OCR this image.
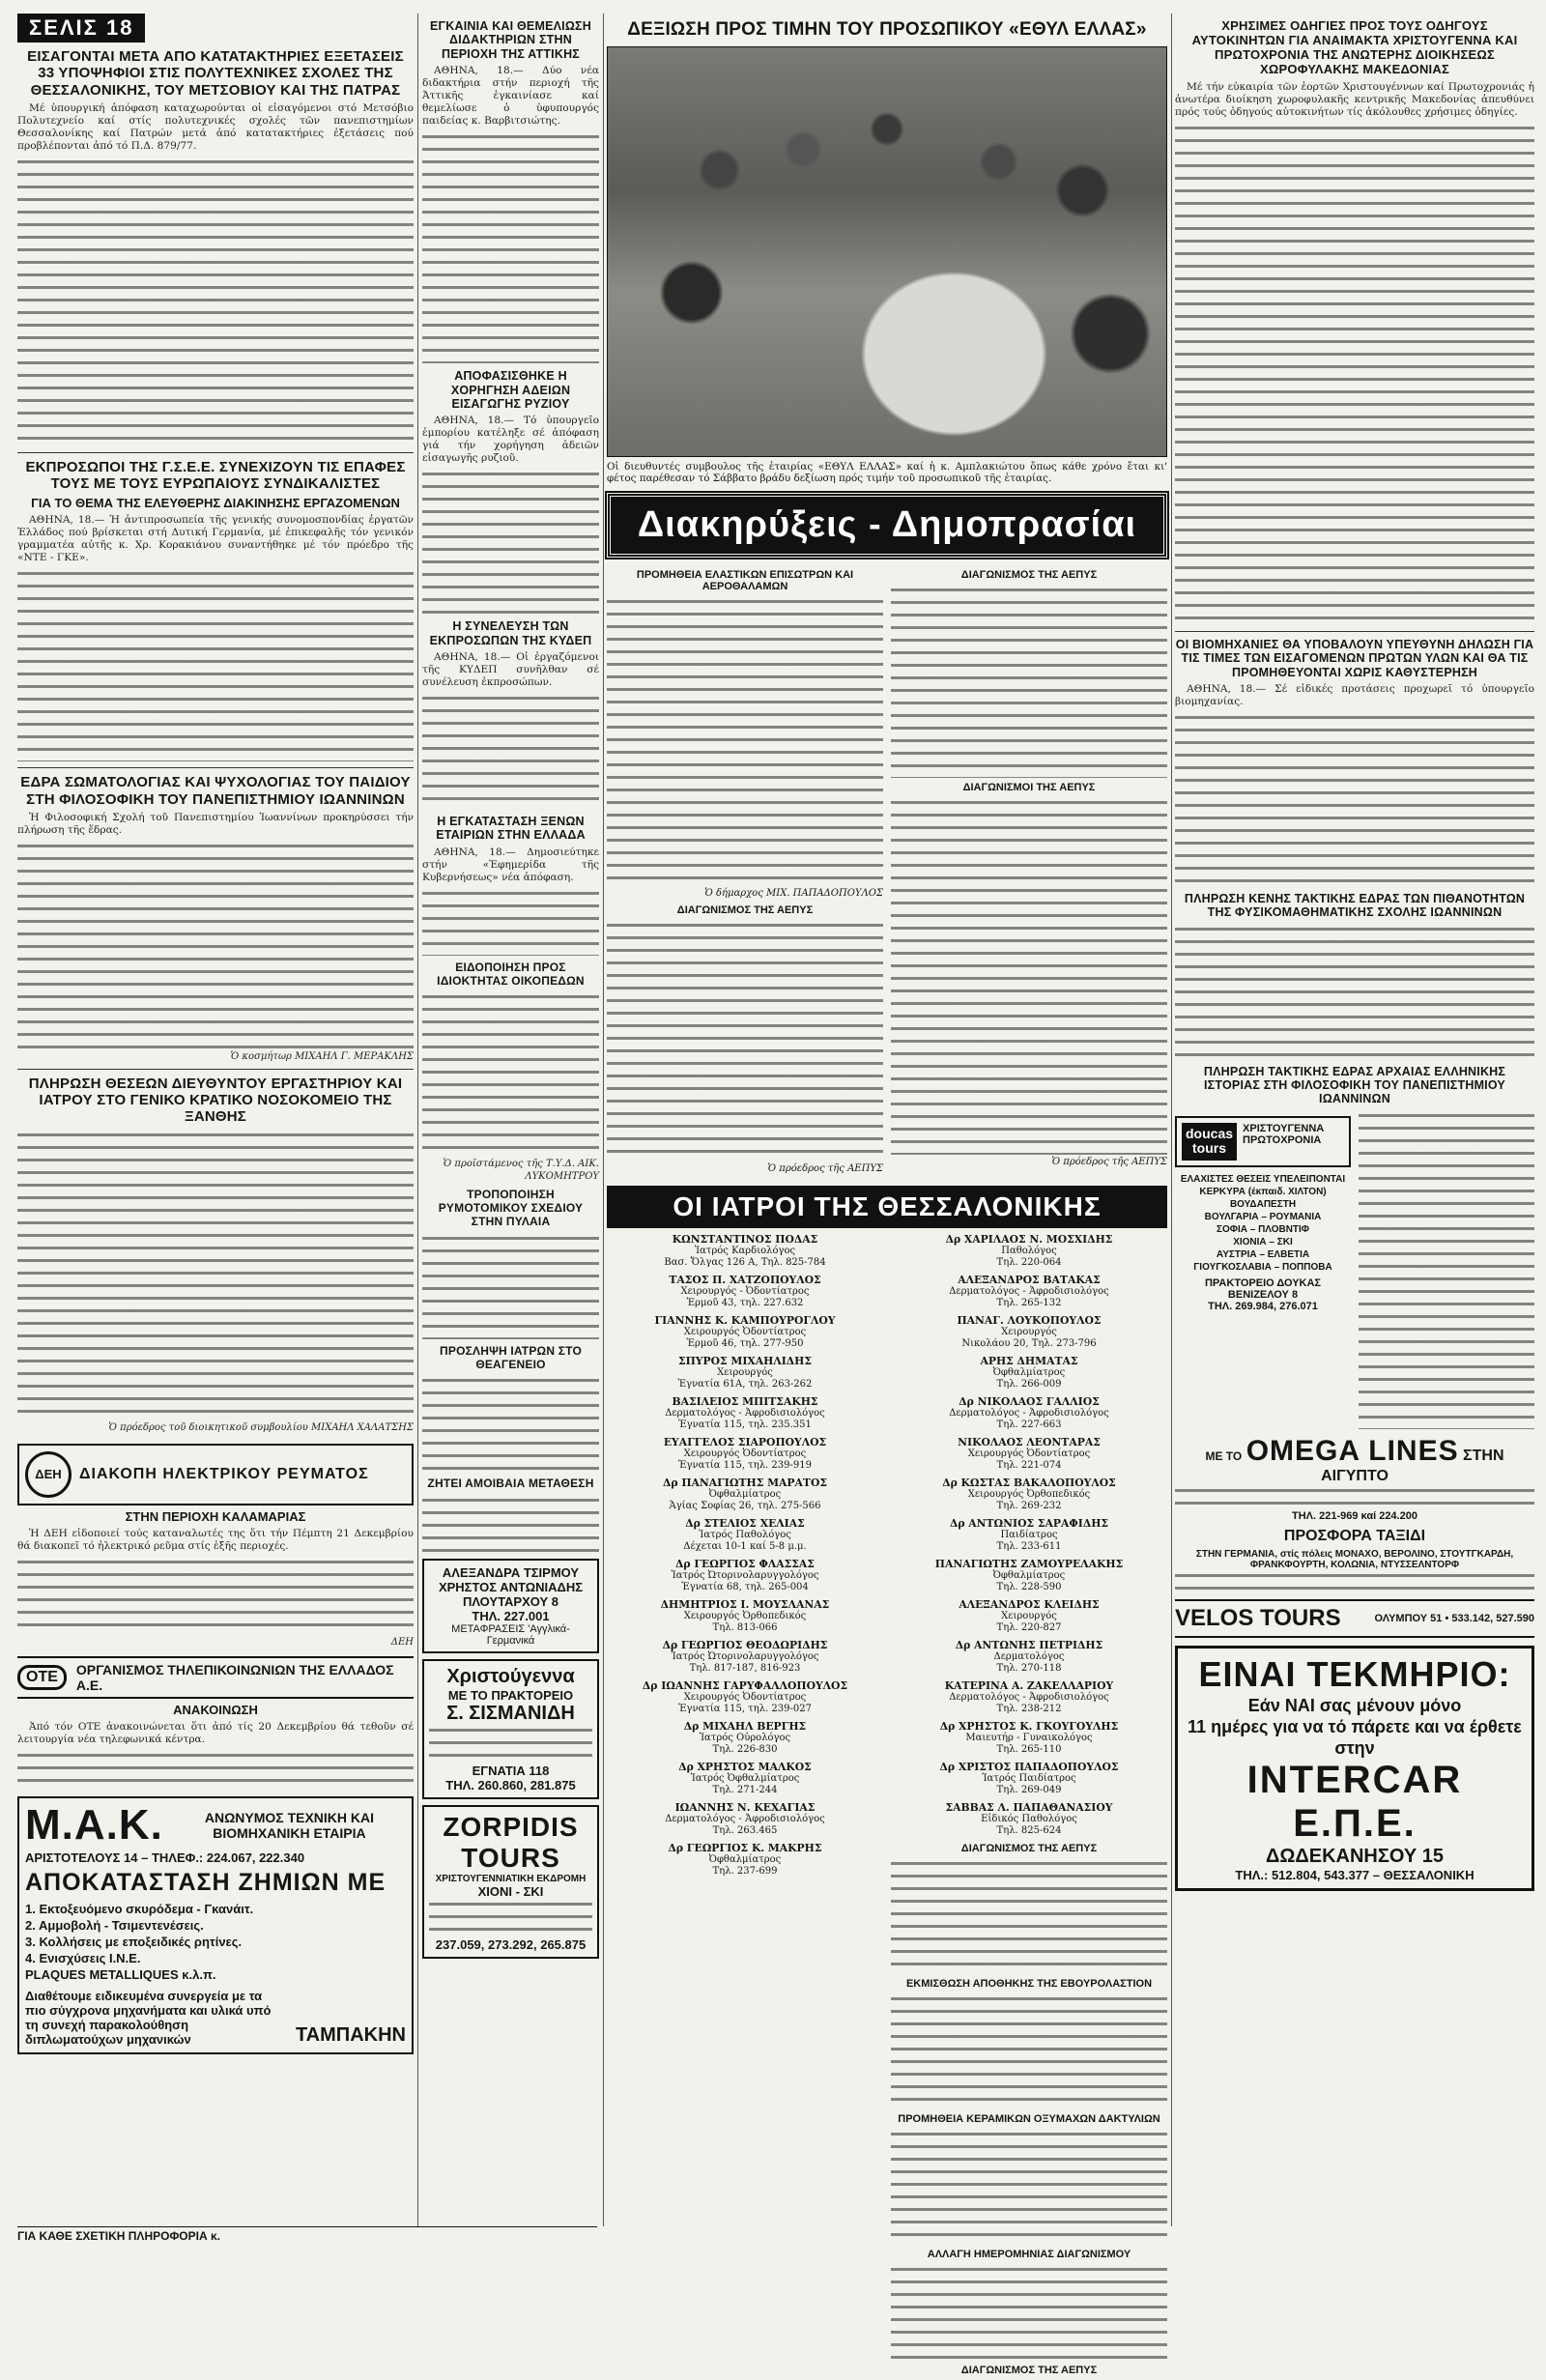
ΣΕΛΙΣ 18
ΕΙΣΑΓΟΝΤΑΙ ΜΕΤΑ ΑΠΟ ΚΑΤΑΤΑΚΤΗΡΙΕΣ ΕΞΕΤΑΣΕΙΣ 33 ΥΠΟΨΗΦΙΟΙ ΣΤΙΣ ΠΟΛΥΤΕΧΝΙΚΕΣ ΣΧΟΛΕΣ ΤΗΣ ΘΕΣΣΑΛΟΝΙΚΗΣ, ΤΟΥ ΜΕΤΣΟΒΙΟΥ ΚΑΙ ΤΗΣ ΠΑΤΡΑΣ

Μέ ὑπουργική ἀπόφαση καταχωρούνται οἱ εἰσαγόμενοι στό Μετσόβιο Πολυτεχνείο καί στίς πολυτεχνικές σχολές τῶν πανεπιστημίων Θεσσαλονίκης καί Πατρών μετά ἀπό κατατακτήριες ἐξετάσεις πού προβλέπονται ἀπό τό Π.Δ. 879/77.

ΕΚΠΡΟΣΩΠΟΙ ΤΗΣ Γ.Σ.Ε.Ε. ΣΥΝΕΧΙΖΟΥΝ ΤΙΣ ΕΠΑΦΕΣ ΤΟΥΣ ΜΕ ΤΟΥΣ ΕΥΡΩΠΑΙΟΥΣ ΣΥΝΔΙΚΑΛΙΣΤΕΣ
ΓΙΑ ΤΟ ΘΕΜΑ ΤΗΣ ΕΛΕΥΘΕΡΗΣ ΔΙΑΚΙΝΗΣΗΣ ΕΡΓΑΖΟΜΕΝΩΝ

ΑΘΗΝΑ, 18.— Ἡ ἀντιπροσωπεία τῆς γενικής συνομοσπονδίας ἐργατῶν Ἑλλάδος πού βρίσκεται στή Δυτική Γερμανία, μέ ἐπικεφαλῆς τόν γενικόν γραμματέα αὐτῆς κ. Χρ. Κορακιάνου συναντήθηκε μέ τόν πρόεδρο τῆς «ΝΤΕ - ΓΚΕ».

ΕΔΡΑ ΣΩΜΑΤΟΛΟΓΙΑΣ ΚΑΙ ΨΥΧΟΛΟΓΙΑΣ ΤΟΥ ΠΑΙΔΙΟΥ ΣΤΗ ΦΙΛΟΣΟΦΙΚΗ ΤΟΥ ΠΑΝΕΠΙΣΤΗΜΙΟΥ ΙΩΑΝΝΙΝΩΝ

Ἡ Φιλοσοφική Σχολή τοῦ Πανεπιστημίου Ἰωαννίνων προκηρύσσει τήν πλήρωση τῆς ἕδρας.

Ὁ κοσμήτωρ ΜΙΧΑΗΛ Γ. ΜΕΡΑΚΛΗΣ
ΠΛΗΡΩΣΗ ΘΕΣΕΩΝ ΔΙΕΥΘΥΝΤΟΥ ΕΡΓΑΣΤΗΡΙΟΥ ΚΑΙ ΙΑΤΡΟΥ ΣΤΟ ΓΕΝΙΚΟ ΚΡΑΤΙΚΟ ΝΟΣΟΚΟΜΕΙΟ ΤΗΣ ΞΑΝΘΗΣ
Ὁ πρόεδρος τοῦ διοικητικοῦ συμβουλίου ΜΙΧΑΗΛ ΧΑΛΑΤΣΗΣ
ΔΕΗ	ΔΙΑΚΟΠΗ ΗΛΕΚΤΡΙΚΟΥ ΡΕΥΜΑΤΟΣ
ΣΤΗΝ ΠΕΡΙΟΧΗ ΚΑΛΑΜΑΡΙΑΣ

Ἡ ΔΕΗ εἰδοποιεί τούς καταναλωτές της ὅτι τήν Πέμπτη 21 Δεκεμβρίου θά διακοπεῖ τό ἠλεκτρικό ρεῦμα στίς ἑξῆς περιοχές.

ΔΕΗ
ΟΤΕ	ΟΡΓΑΝΙΣΜΟΣ ΤΗΛΕΠΙΚΟΙΝΩΝΙΩΝ ΤΗΣ ΕΛΛΑΔΟΣ Α.Ε.
ΑΝΑΚΟΙΝΩΣΗ

Ἀπό τόν ΟΤΕ ἀνακοινώνεται ὅτι ἀπό τίς 20 Δεκεμβρίου θά τεθοῦν σέ λειτουργία νέα τηλεφωνικά κέντρα.

Μ.Α.Κ.	ΑΝΩΝΥΜΟΣ ΤΕΧΝΙΚΗ ΚΑΙ ΒΙΟΜΗΧΑΝΙΚΗ ΕΤΑΙΡΙΑ
ΑΡΙΣΤΟΤΕΛΟΥΣ 14 – ΤΗΛΕΦ.: 224.067, 222.340
ΑΠΟΚΑΤΑΣΤΑΣΗ ΖΗΜΙΩΝ ΜΕ
1. Εκτοξευόμενο σκυρόδεμα - Γκανάιτ.
2. Αμμοβολή - Τσιμεντενέσεις.
3. Κολλήσεις με εποξειδικές ρητίνες.
4. Ενισχύσεις Ι.Ν.Ε.
PLAQUES METALLIQUES κ.λ.π.
Διαθέτουμε ειδικευμένα συνεργεία με τα πιο σύγχρονα μηχανήματα και υλικά υπό τη συνεχή παρακολούθηση διπλωματούχων μηχανικών	ΤΑΜΠΑΚΗΝ
ΕΓΚΑΙΝΙΑ ΚΑΙ ΘΕΜΕΛΙΩΣΗ ΔΙΔΑΚΤΗΡΙΩΝ ΣΤΗΝ ΠΕΡΙΟΧΗ ΤΗΣ ΑΤΤΙΚΗΣ

ΑΘΗΝΑ, 18.— Δύο νέα διδακτήρια στήν περιοχή τῆς Ἀττικῆς ἐγκαινίασε καί θεμελίωσε ὁ ὑφυπουργός παιδείας κ. Βαρβιτσιώτης.

ΑΠΟΦΑΣΙΣΘΗΚΕ Η ΧΟΡΗΓΗΣΗ ΑΔΕΙΩΝ ΕΙΣΑΓΩΓΗΣ ΡΥΖΙΟΥ

ΑΘΗΝΑ, 18.— Τό ὑπουργεῖο ἐμπορίου κατέληξε σέ ἀπόφαση γιά τήν χορήγηση ἀδειῶν εἰσαγωγῆς ρυζιοῦ.

Η ΣΥΝΕΛΕΥΣΗ ΤΩΝ ΕΚΠΡΟΣΩΠΩΝ ΤΗΣ ΚΥΔΕΠ

ΑΘΗΝΑ, 18.— Οἱ ἐργαζόμενοι τῆς ΚΥΔΕΠ συνῆλθαν σέ συνέλευση ἐκπροσώπων.

Η ΕΓΚΑΤΑΣΤΑΣΗ ΞΕΝΩΝ ΕΤΑΙΡΙΩΝ ΣΤΗΝ ΕΛΛΑΔΑ

ΑΘΗΝΑ, 18.— Δημοσιεύτηκε στήν «Ἐφημερίδα τῆς Κυβερνήσεως» νέα ἀπόφαση.

ΕΙΔΟΠΟΙΗΣΗ ΠΡΟΣ ΙΔΙΟΚΤΗΤΑΣ ΟΙΚΟΠΕΔΩΝ
Ὁ προϊστάμενος τῆς Τ.Υ.Δ. ΑΙΚ. ΛΥΚΟΜΗΤΡΟΥ
ΤΡΟΠΟΠΟΙΗΣΗ ΡΥΜΟΤΟΜΙΚΟΥ ΣΧΕΔΙΟΥ ΣΤΗΝ ΠΥΛΑΙΑ
ΠΡΟΣΛΗΨΗ ΙΑΤΡΩΝ ΣΤΟ ΘΕΑΓΕΝΕΙΟ
ΖΗΤΕΙ ΑΜΟΙΒΑΙΑ ΜΕΤΑΘΕΣΗ
ΑΛΕΞΑΝΔΡΑ ΤΣΙΡΜΟΥ
ΧΡΗΣΤΟΣ ΑΝΤΩΝΙΑΔΗΣ
ΠΛΟΥΤΑΡΧΟΥ 8
ΤΗΛ. 227.001
ΜΕΤΑΦΡΑΣΕΙΣ 'Αγγλικά-Γερμανικά
Χριστούγεννα
ΜΕ ΤΟ ΠΡΑΚΤΟΡΕΙΟ
Σ. ΣΙΣΜΑΝΙΔΗ
ΕΓΝΑΤΙΑ 118
ΤΗΛ. 260.860, 281.875
ZORPIDIS TOURS
ΧΡΙΣΤΟΥΓΕΝΝΙΑΤΙΚΗ ΕΚΔΡΟΜΗ
ΧΙΟΝΙ - ΣΚΙ
237.059, 273.292, 265.875
ΔΕΞΙΩΣΗ ΠΡΟΣ ΤΙΜΗΝ ΤΟΥ ΠΡΟΣΩΠΙΚΟΥ «ΕΘΥΛ ΕΛΛΑΣ»
Οἱ διευθυντές συμβουλος τῆς ἑταιρίας «ΕΘΥΛ ΕΛΛΑΣ» καί ἡ κ. Αμπλακιώτου ὅπως κάθε χρόνο ἔται κι' φέτος παρέθεσαν τό Σάββατο βράδυ δεξίωση πρός τιμήν τοῦ προσωπικοῦ τῆς ἑταιρίας.
Διακηρύξεις - Δημοπρασίαι
ΠΡΟΜΗΘΕΙΑ ΕΛΑΣΤΙΚΩΝ ΕΠΙΣΩΤΡΩΝ ΚΑΙ ΑΕΡΟΘΑΛΑΜΩΝ
Ὁ δήμαρχος ΜΙΧ. ΠΑΠΑΔΟΠΟΥΛΟΣ
ΔΙΑΓΩΝΙΣΜΟΣ ΤΗΣ ΑΕΠΥΣ
Ὁ πρόεδρος τῆς ΑΕΠΥΣ
ΔΙΑΓΩΝΙΣΜΟΣ ΤΗΣ ΑΕΠΥΣ
ΔΙΑΓΩΝΙΣΜΟΙ ΤΗΣ ΑΕΠΥΣ
Ὁ πρόεδρος τῆς ΑΕΠΥΣ
ΟΙ ΙΑΤΡΟΙ ΤΗΣ ΘΕΣΣΑΛΟΝΙΚΗΣ
ΚΩΝΣΤΑΝΤΙΝΟΣ ΠΟΔΑΣ
Ἰατρός Καρδιολόγος
Βασ. Ὄλγας 126 Α, Τηλ. 825-784
ΤΑΣΟΣ Π. ΧΑΤΖΟΠΟΥΛΟΣ
Χειρουργός - Ὀδοντίατρος
Ἐρμοῦ 43, τηλ. 227.632
ΓΙΑΝΝΗΣ Κ. ΚΑΜΠΟΥΡΟΓΛΟΥ
Χειρουργός Ὀδοντίατρος
Ἐρμοῦ 46, τηλ. 277-950
ΣΠΥΡΟΣ ΜΙΧΑΗΛΙΔΗΣ
Χειρουργός
Ἐγνατία 61Α, τηλ. 263-262
ΒΑΣΙΛΕΙΟΣ ΜΠΙΤΣΑΚΗΣ
Δερματολόγος - Ἀφροδισιολόγος
Ἐγνατία 115, τηλ. 235.351
ΕΥΑΓΓΕΛΟΣ ΣΙΑΡΟΠΟΥΛΟΣ
Χειρουργός Ὀδοντίατρος
Ἐγνατία 115, τηλ. 239-919
Δρ ΠΑΝΑΓΙΩΤΗΣ ΜΑΡΑΤΟΣ
Ὀφθαλμίατρος
Ἁγίας Σοφίας 26, τηλ. 275-566
Δρ ΣΤΕΛΙΟΣ ΧΕΛΙΑΣ
Ἰατρός Παθολόγος
Δέχεται 10-1 καί 5-8 μ.μ.
Δρ ΓΕΩΡΓΙΟΣ ΦΛΑΣΣΑΣ
Ἰατρός Ὠτορινολαρυγγολόγος
Ἐγνατία 68, τηλ. 265-004
ΔΗΜΗΤΡΙΟΣ Ι. ΜΟΥΣΛΑΝΑΣ
Χειρουργός Ὀρθοπεδικός
Τηλ. 813-066
Δρ ΓΕΩΡΓΙΟΣ ΘΕΟΔΩΡΙΔΗΣ
Ἰατρός Ὠτορινολαρυγγολόγος
Τηλ. 817-187, 816-923
Δρ ΙΩΑΝΝΗΣ ΓΑΡΥΦΑΛΛΟΠΟΥΛΟΣ
Χειρουργός Ὀδοντίατρος
Ἐγνατία 115, τηλ. 239-027
Δρ ΜΙΧΑΗΛ ΒΕΡΓΗΣ
Ἰατρός Οὐρολόγος
Τηλ. 226-830
Δρ ΧΡΗΣΤΟΣ ΜΑΛΚΟΣ
Ἰατρός Ὀφθαλμίατρος
Τηλ. 271-244
ΙΩΑΝΝΗΣ Ν. ΚΕΧΑΓΙΑΣ
Δερματολόγος - Ἀφροδισιολόγος
Τηλ. 263.465
Δρ ΓΕΩΡΓΙΟΣ Κ. ΜΑΚΡΗΣ
Ὀφθαλμίατρος
Τηλ. 237-699
Δρ ΧΑΡΙΛΑΟΣ Ν. ΜΟΣΧΙΔΗΣ
Παθολόγος
Τηλ. 220-064
ΑΛΕΞΑΝΔΡΟΣ ΒΑΤΑΚΑΣ
Δερματολόγος - Ἀφροδισιολόγος
Τηλ. 265-132
ΠΑΝΑΓ. ΛΟΥΚΟΠΟΥΛΟΣ
Χειρουργός
Νικολάου 20, Τηλ. 273-796
ΑΡΗΣ ΔΗΜΑΤΑΣ
Ὀφθαλμίατρος
Τηλ. 266-009
Δρ ΝΙΚΟΛΑΟΣ ΓΑΛΛΙΟΣ
Δερματολόγος - Ἀφροδισιολόγος
Τηλ. 227-663
ΝΙΚΟΛΑΟΣ ΛΕΟΝΤΑΡΑΣ
Χειρουργός Ὀδοντίατρος
Τηλ. 221-074
Δρ ΚΩΣΤΑΣ ΒΑΚΑΛΟΠΟΥΛΟΣ
Χειρουργός Ὀρθοπεδικός
Τηλ. 269-232
Δρ ΑΝΤΩΝΙΟΣ ΣΑΡΑΦΙΔΗΣ
Παιδίατρος
Τηλ. 233-611
ΠΑΝΑΓΙΩΤΗΣ ΖΑΜΟΥΡΕΛΑΚΗΣ
Ὀφθαλμίατρος
Τηλ. 228-590
ΑΛΕΞΑΝΔΡΟΣ ΚΛΕΙΔΗΣ
Χειρουργός
Τηλ. 220-827
Δρ ΑΝΤΩΝΗΣ ΠΕΤΡΙΔΗΣ
Δερματολόγος
Τηλ. 270-118
ΚΑΤΕΡΙΝΑ Α. ΖΑΚΕΛΛΑΡΙΟΥ
Δερματολόγος - Ἀφροδισιολόγος
Τηλ. 238-212
Δρ ΧΡΗΣΤΟΣ Κ. ΓΚΟΥΓΟΥΛΗΣ
Μαιευτήρ - Γυναικολόγος
Τηλ. 265-110
Δρ ΧΡΙΣΤΟΣ ΠΑΠΑΔΟΠΟΥΛΟΣ
Ἰατρός Παιδίατρος
Τηλ. 269-049
ΣΑΒΒΑΣ Λ. ΠΑΠΑΘΑΝΑΣΙΟΥ
Εἰδικός Παθολόγος
Τηλ. 825-624
ΔΙΑΓΩΝΙΣΜΟΣ ΤΗΣ ΑΕΠΥΣ
ΕΚΜΙΣΘΩΣΗ ΑΠΟΘΗΚΗΣ ΤΗΣ ΕΒΟΥΡΟΛΑΣΤΙΟΝ
ΠΡΟΜΗΘΕΙΑ ΚΕΡΑΜΙΚΩΝ ΟΞΥΜΑΧΩΝ ΔΑΚΤΥΛΙΩΝ
ΑΛΛΑΓΗ ΗΜΕΡΟΜΗΝΙΑΣ ΔΙΑΓΩΝΙΣΜΟΥ
ΔΙΑΓΩΝΙΣΜΟΣ ΤΗΣ ΑΕΠΥΣ
ΧΡΗΣΙΜΕΣ ΟΔΗΓΙΕΣ ΠΡΟΣ ΤΟΥΣ ΟΔΗΓΟΥΣ ΑΥΤΟΚΙΝΗΤΩΝ ΓΙΑ ΑΝΑΙΜΑΚΤΑ ΧΡΙΣΤΟΥΓΕΝΝΑ ΚΑΙ ΠΡΩΤΟΧΡΟΝΙΑ ΤΗΣ ΑΝΩΤΕΡΗΣ ΔΙΟΙΚΗΣΕΩΣ ΧΩΡΟΦΥΛΑΚΗΣ ΜΑΚΕΔΟΝΙΑΣ

Μέ τήν εὐκαιρία τῶν ἑορτῶν Χριστουγέννων καί Πρωτοχρονιάς ἡ ἀνωτέρα διοίκηση χωροφυλακῆς κεντρικῆς Μακεδονίας ἀπευθύνει πρός τούς ὁδηγούς αὐτοκινήτων τίς ἀκόλουθες χρήσιμες ὁδηγίες.

ΟΙ ΒΙΟΜΗΧΑΝΙΕΣ ΘΑ ΥΠΟΒΑΛΟΥΝ ΥΠΕΥΘΥΝΗ ΔΗΛΩΣΗ ΓΙΑ ΤΙΣ ΤΙΜΕΣ ΤΩΝ ΕΙΣΑΓΟΜΕΝΩΝ ΠΡΩΤΩΝ ΥΛΩΝ ΚΑΙ ΘΑ ΤΙΣ ΠΡΟΜΗΘΕΥΟΝΤΑΙ ΧΩΡΙΣ ΚΑΘΥΣΤΕΡΗΣΗ

ΑΘΗΝΑ, 18.— Σέ εἰδικές προτάσεις προχωρεῖ τό ὑπουργεῖο βιομηχανίας.

ΠΛΗΡΩΣΗ ΚΕΝΗΣ ΤΑΚΤΙΚΗΣ ΕΔΡΑΣ ΤΩΝ ΠΙΘΑΝΟΤΗΤΩΝ ΤΗΣ ΦΥΣΙΚΟΜΑΘΗΜΑΤΙΚΗΣ ΣΧΟΛΗΣ ΙΩΑΝΝΙΝΩΝ
ΠΛΗΡΩΣΗ ΤΑΚΤΙΚΗΣ ΕΔΡΑΣ ΑΡΧΑΙΑΣ ΕΛΛΗΝΙΚΗΣ ΙΣΤΟΡΙΑΣ ΣΤΗ ΦΙΛΟΣΟΦΙΚΗ ΤΟΥ ΠΑΝΕΠΙΣΤΗΜΙΟΥ ΙΩΑΝΝΙΝΩΝ
doucas tours
ΧΡΙΣΤΟΥΓΕΝΝΑ ΠΡΩΤΟΧΡΟΝΙΑ
ΕΛΑΧΙΣΤΕΣ ΘΕΣΕΙΣ ΥΠΕΛΕΙΠΟΝΤΑΙ
ΚΕΡΚΥΡΑ (έκπαιδ. ΧΙΛΤΟΝ)
ΒΟΥΔΑΠΕΣΤΗ
ΒΟΥΛΓΑΡΙΑ – ΡΟΥΜΑΝΙΑ
ΣΟΦΙΑ – ΠΛΟΒΝΤΙΦ
ΧΙΟΝΙΑ – ΣΚΙ
ΑΥΣΤΡΙΑ – ΕΛΒΕΤΙΑ
ΓΙΟΥΓΚΟΣΛΑΒΙΑ – ΠΟΠΠΟΒΑ
ΠΡΑΚΤΟΡΕΙΟ ΔΟΥΚΑΣ ΒΕΝΙΖΕΛΟΥ 8
ΤΗΛ. 269.984, 276.071
ΜΕ ΤΟ OMEGA LINES ΣΤΗΝ ΑΙΓΥΠΤΟ
ΤΗΛ. 221-969 καί 224.200
ΠΡΟΣΦΟΡΑ ΤΑΞΙΔΙ
ΣΤΗΝ ΓΕΡΜΑΝΙΑ, στίς πόλεις ΜΟΝΑΧΟ, ΒΕΡΟΛΙΝΟ, ΣΤΟΥΤΓΚΑΡΔΗ, ΦΡΑΝΚΦΟΥΡΤΗ, ΚΟΛΩΝΙΑ, ΝΤΥΣΣΕΛΝΤΟΡΦ
VELOS TOURS	ΟΛΥΜΠΟΥ 51 • 533.142, 527.590
ΕΙΝΑΙ ΤΕΚΜΗΡΙΟ:
Εάν ΝΑΙ σας μένουν μόνο
11 ημέρες για να τό πάρετε και να έρθετε στην
INTERCAR E.Π.E.
ΔΩΔΕΚΑΝΗΣΟΥ 15
ΤΗΛ.: 512.804, 543.377 – ΘΕΣΣΑΛΟΝΙΚΗ
ΓΙΑ ΚΑΘΕ ΣΧΕΤΙΚΗ ΠΛΗΡΟΦΟΡΙΑ κ.
